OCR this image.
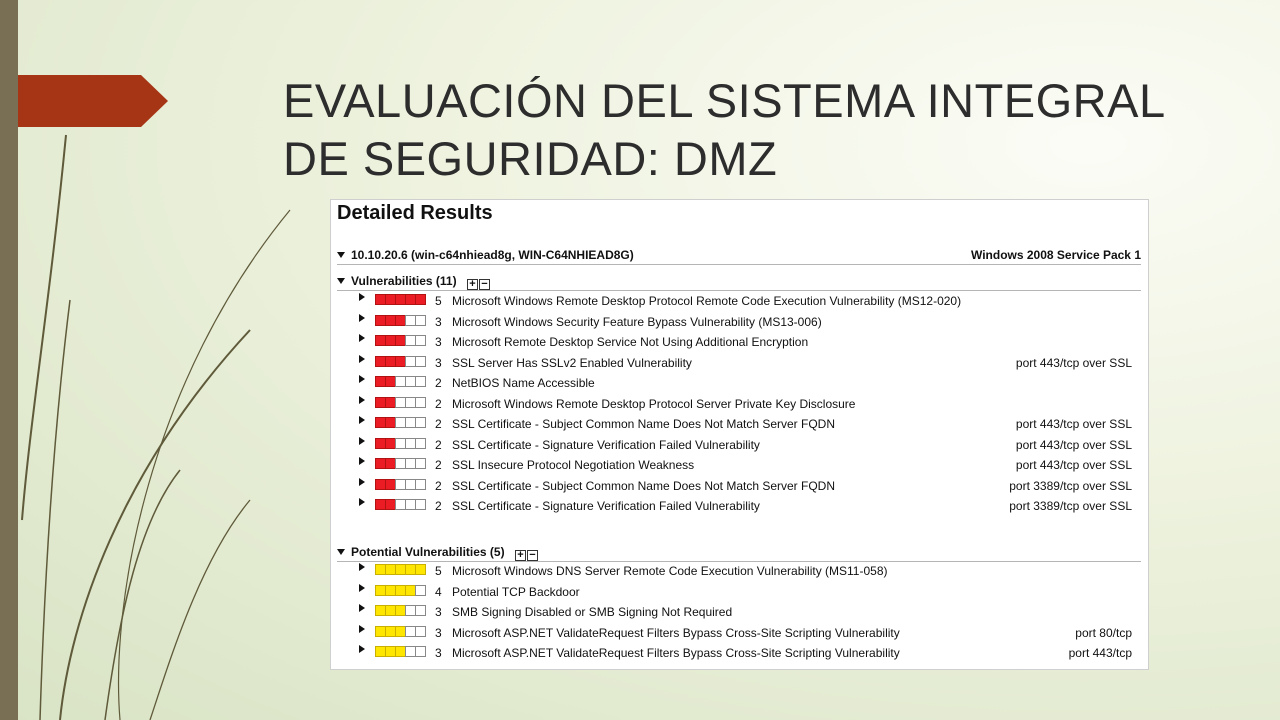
EVALUACIÓN DEL SISTEMA INTEGRAL DE SEGURIDAD: DMZ
Detailed Results
10.10.20.6 (win-c64nhiead8g, WIN-C64NHIEAD8G)	Windows 2008 Service Pack 1
Vulnerabilities (11) + −
5 Microsoft Windows Remote Desktop Protocol Remote Code Execution Vulnerability (MS12-020)
3 Microsoft Windows Security Feature Bypass Vulnerability (MS13-006)
3 Microsoft Remote Desktop Service Not Using Additional Encryption
3 SSL Server Has SSLv2 Enabled Vulnerability	port 443/tcp over SSL
2 NetBIOS Name Accessible
2 Microsoft Windows Remote Desktop Protocol Server Private Key Disclosure
2 SSL Certificate - Subject Common Name Does Not Match Server FQDN	port 443/tcp over SSL
2 SSL Certificate - Signature Verification Failed Vulnerability	port 443/tcp over SSL
2 SSL Insecure Protocol Negotiation Weakness	port 443/tcp over SSL
2 SSL Certificate - Subject Common Name Does Not Match Server FQDN	port 3389/tcp over SSL
2 SSL Certificate - Signature Verification Failed Vulnerability	port 3389/tcp over SSL
Potential Vulnerabilities (5) + −
5 Microsoft Windows DNS Server Remote Code Execution Vulnerability (MS11-058)
4 Potential TCP Backdoor
3 SMB Signing Disabled or SMB Signing Not Required
3 Microsoft ASP.NET ValidateRequest Filters Bypass Cross-Site Scripting Vulnerability	port 80/tcp
3 Microsoft ASP.NET ValidateRequest Filters Bypass Cross-Site Scripting Vulnerability	port 443/tcp
